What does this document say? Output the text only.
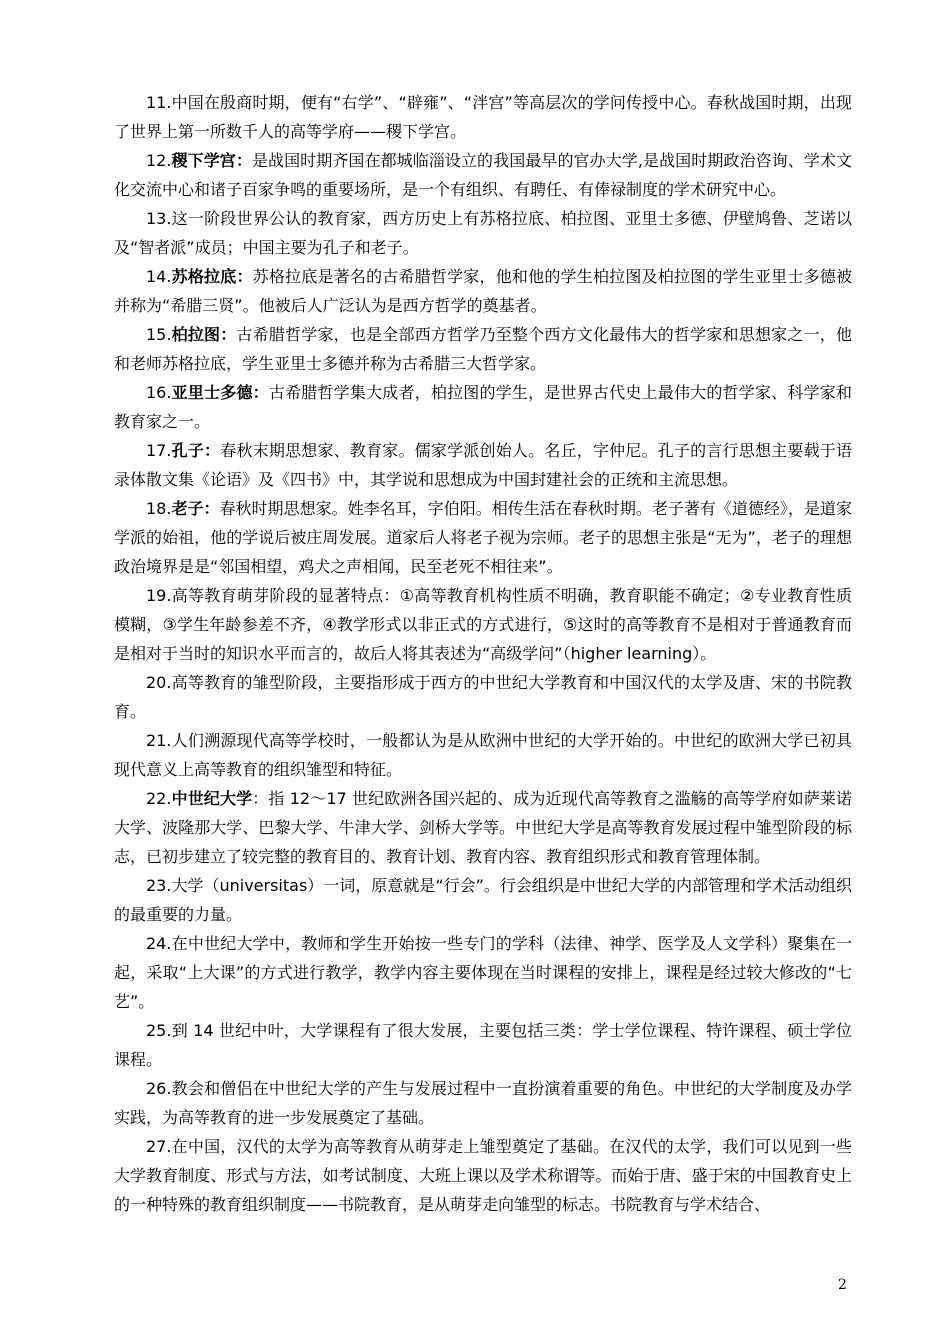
11.中国在殷商时期，便有“右学”、“辟雍”、“泮宫”等高层次的学问传授中心。春秋战国时期，出现了世界上第一所数千人的高等学府——稷下学宫。

12.稷下学宫：是战国时期齐国在都城临淄设立的我国最早的官办大学,是战国时期政治咨询、学术文化交流中心和诸子百家争鸣的重要场所，是一个有组织、有聘任、有俸禄制度的学术研究中心。

13.这一阶段世界公认的教育家，西方历史上有苏格拉底、柏拉图、亚里士多德、伊壁鸠鲁、芝诺以及“智者派”成员；中国主要为孔子和老子。

14.苏格拉底：苏格拉底是著名的古希腊哲学家，他和他的学生柏拉图及柏拉图的学生亚里士多德被并称为“希腊三贤”。他被后人广泛认为是西方哲学的奠基者。

15.柏拉图：古希腊哲学家，也是全部西方哲学乃至整个西方文化最伟大的哲学家和思想家之一，他和老师苏格拉底，学生亚里士多德并称为古希腊三大哲学家。

16.亚里士多德：古希腊哲学集大成者，柏拉图的学生，是世界古代史上最伟大的哲学家、科学家和教育家之一。

17.孔子：春秋末期思想家、教育家。儒家学派创始人。名丘，字仲尼。孔子的言行思想主要载于语录体散文集《论语》及《四书》中，其学说和思想成为中国封建社会的正统和主流思想。

18.老子：春秋时期思想家。姓李名耳，字伯阳。相传生活在春秋时期。老子著有《道德经》，是道家学派的始祖，他的学说后被庄周发展。道家后人将老子视为宗师。老子的思想主张是“无为”，老子的理想政治境界是是“邻国相望，鸡犬之声相闻，民至老死不相往来”。

19.高等教育萌芽阶段的显著特点：①高等教育机构性质不明确，教育职能不确定；②专业教育性质模糊，③学生年龄参差不齐，④教学形式以非正式的方式进行，⑤这时的高等教育不是相对于普通教育而是相对于当时的知识水平而言的，故后人将其表述为“高级学问”（higher learning）。

20.高等教育的雏型阶段，主要指形成于西方的中世纪大学教育和中国汉代的太学及唐、宋的书院教育。

21.人们溯源现代高等学校时，一般都认为是从欧洲中世纪的大学开始的。中世纪的欧洲大学已初具现代意义上高等教育的组织雏型和特征。

22.中世纪大学：指 12～17 世纪欧洲各国兴起的、成为近现代高等教育之滥觞的高等学府如萨莱诺大学、波隆那大学、巴黎大学、牛津大学、剑桥大学等。中世纪大学是高等教育发展过程中雏型阶段的标志，已初步建立了较完整的教育目的、教育计划、教育内容、教育组织形式和教育管理体制。

23.大学（universitas）一词，原意就是“行会”。行会组织是中世纪大学的内部管理和学术活动组织的最重要的力量。

24.在中世纪大学中，教师和学生开始按一些专门的学科（法律、神学、医学及人文学科）聚集在一起，采取“上大课”的方式进行教学，教学内容主要体现在当时课程的安排上，课程是经过较大修改的“七艺”。

25.到 14 世纪中叶，大学课程有了很大发展，主要包括三类：学士学位课程、特许课程、硕士学位课程。

26.教会和僧侣在中世纪大学的产生与发展过程中一直扮演着重要的角色。中世纪的大学制度及办学实践，为高等教育的进一步发展奠定了基础。

27.在中国，汉代的太学为高等教育从萌芽走上雏型奠定了基础。在汉代的太学，我们可以见到一些大学教育制度、形式与方法，如考试制度、大班上课以及学术称谓等。而始于唐、盛于宋的中国教育史上的一种特殊的教育组织制度——书院教育，是从萌芽走向雏型的标志。书院教育与学术结合、

2
